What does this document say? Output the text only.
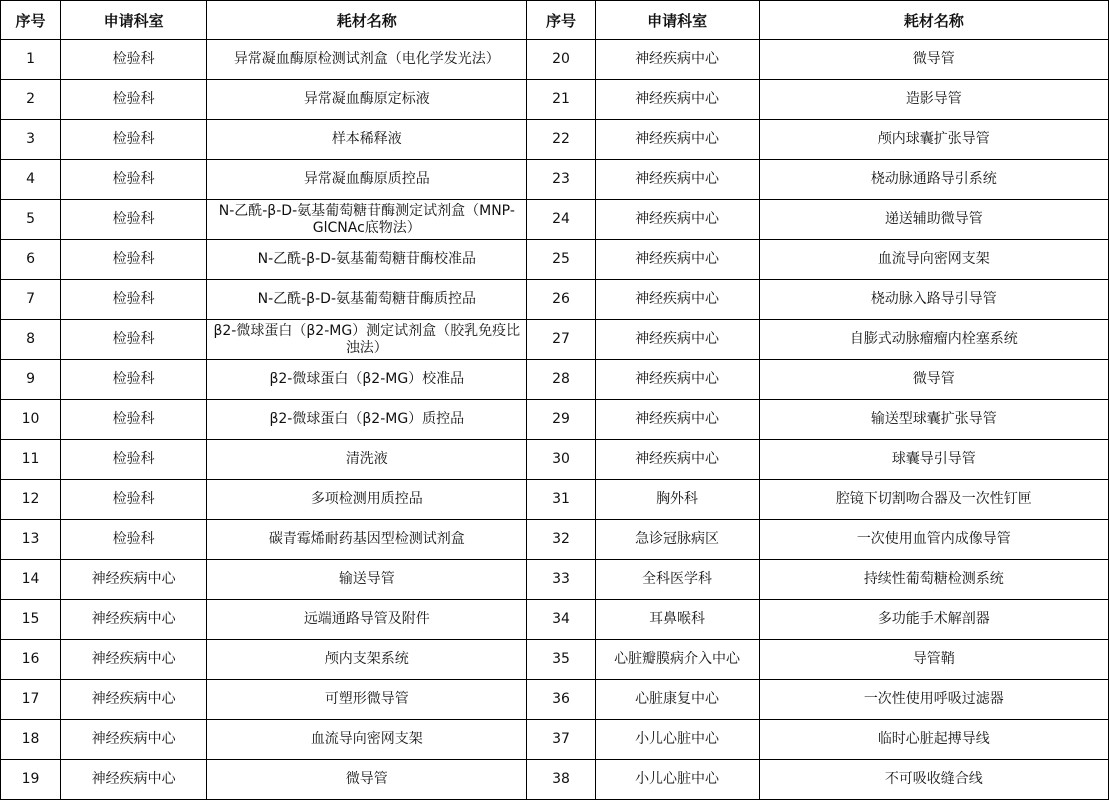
序号	申请科室	耗材名称	序号	申请科室	耗材名称
1	检验科	异常凝血酶原检测试剂盒（电化学发光法）	20	神经疾病中心	微导管
2	检验科	异常凝血酶原定标液	21	神经疾病中心	造影导管
3	检验科	样本稀释液	22	神经疾病中心	颅内球囊扩张导管
4	检验科	异常凝血酶原质控品	23	神经疾病中心	桡动脉通路导引系统
5	检验科	N-乙酰-β-D-氨基葡萄糖苷酶测定试剂盒（MNP-GlCNAc底物法）	24	神经疾病中心	递送辅助微导管
6	检验科	N-乙酰-β-D-氨基葡萄糖苷酶校准品	25	神经疾病中心	血流导向密网支架
7	检验科	N-乙酰-β-D-氨基葡萄糖苷酶质控品	26	神经疾病中心	桡动脉入路导引导管
8	检验科	β2-微球蛋白（β2-MG）测定试剂盒（胶乳免疫比浊法）	27	神经疾病中心	自膨式动脉瘤瘤内栓塞系统
9	检验科	β2-微球蛋白（β2-MG）校准品	28	神经疾病中心	微导管
10	检验科	β2-微球蛋白（β2-MG）质控品	29	神经疾病中心	输送型球囊扩张导管
11	检验科	清洗液	30	神经疾病中心	球囊导引导管
12	检验科	多项检测用质控品	31	胸外科	腔镜下切割吻合器及一次性钉匣
13	检验科	碳青霉烯耐药基因型检测试剂盒	32	急诊冠脉病区	一次使用血管内成像导管
14	神经疾病中心	输送导管	33	全科医学科	持续性葡萄糖检测系统
15	神经疾病中心	远端通路导管及附件	34	耳鼻喉科	多功能手术解剖器
16	神经疾病中心	颅内支架系统	35	心脏瓣膜病介入中心	导管鞘
17	神经疾病中心	可塑形微导管	36	心脏康复中心	一次性使用呼吸过滤器
18	神经疾病中心	血流导向密网支架	37	小儿心脏中心	临时心脏起搏导线
19	神经疾病中心	微导管	38	小儿心脏中心	不可吸收缝合线
